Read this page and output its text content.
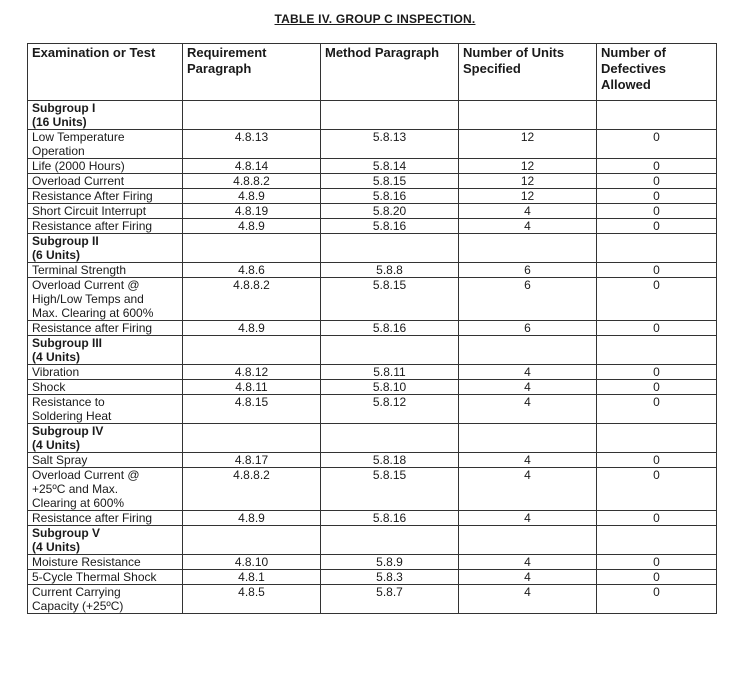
TABLE IV. GROUP C INSPECTION.
Examination or Test	Requirement Paragraph	Method Paragraph	Number of Units Specified	Number of Defectives Allowed

Subgroup I
(16 Units)				

Low Temperature
Operation	4.8.13	5.8.13	12	0

Life (2000 Hours)	4.8.14	5.8.14	12	0

Overload Current	4.8.8.2	5.8.15	12	0

Resistance After Firing	4.8.9	5.8.16	12	0

Short Circuit Interrupt	4.8.19	5.8.20	4	0

Resistance after Firing	4.8.9	5.8.16	4	0

Subgroup II
(6 Units)				

Terminal Strength	4.8.6	5.8.8	6	0

Overload Current @
High/Low Temps and
Max. Clearing at 600%	4.8.8.2	5.8.15	6	0

Resistance after Firing	4.8.9	5.8.16	6	0

Subgroup III
(4 Units)				

Vibration	4.8.12	5.8.11	4	0

Shock	4.8.11	5.8.10	4	0

Resistance to
Soldering Heat	4.8.15	5.8.12	4	0

Subgroup IV
(4 Units)				

Salt Spray	4.8.17	5.8.18	4	0

Overload Current @
+25ºC and Max.
Clearing at 600%	4.8.8.2	5.8.15	4	0

Resistance after Firing	4.8.9	5.8.16	4	0

Subgroup V
(4 Units)				

Moisture Resistance	4.8.10	5.8.9	4	0

5-Cycle Thermal Shock	4.8.1	5.8.3	4	0

Current Carrying
Capacity (+25ºC)	4.8.5	5.8.7	4	0
